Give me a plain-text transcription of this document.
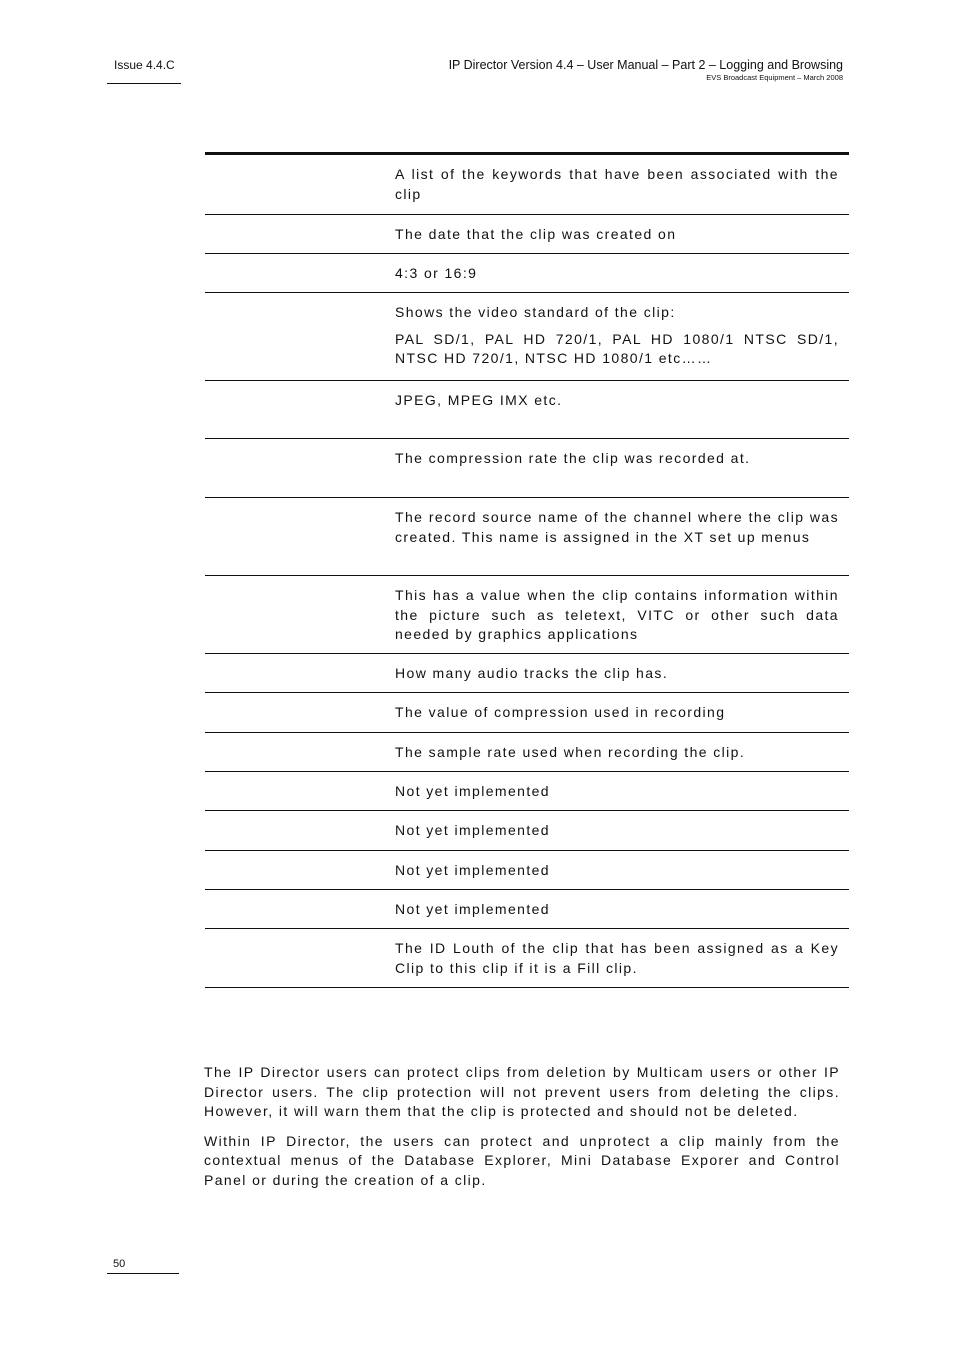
Issue 4.4.C	IP Director Version 4.4 – User Manual – Part 2 – Logging and Browsing
EVS Broadcast Equipment – March 2008

A list of the keywords that have been associated with the clip

The date that the clip was created on

4:3 or 16:9

Shows the video standard of the clip:

PAL SD/1, PAL HD 720/1, PAL HD 1080/1 NTSC SD/1, NTSC HD 720/1, NTSC HD 1080/1 etc……

JPEG, MPEG IMX etc.

The compression rate the clip was recorded at.

The record source name of the channel where the clip was created. This name is assigned in the XT set up menus

This has a value when the clip contains information within the picture such as teletext, VITC or other such data needed by graphics applications

How many audio tracks the clip has.

The value of compression used in recording

The sample rate used when recording the clip.

Not yet implemented

Not yet implemented

Not yet implemented

Not yet implemented

The ID Louth of the clip that has been assigned as a Key Clip to this clip if it is a Fill clip.

The IP Director users can protect clips from deletion by Multicam users or other IP Director users. The clip protection will not prevent users from deleting the clips. However, it will warn them that the clip is protected and should not be deleted.

Within IP Director, the users can protect and unprotect a clip mainly from the contextual menus of the Database Explorer, Mini Database Exporer and Control Panel or during the creation of a clip.

50
